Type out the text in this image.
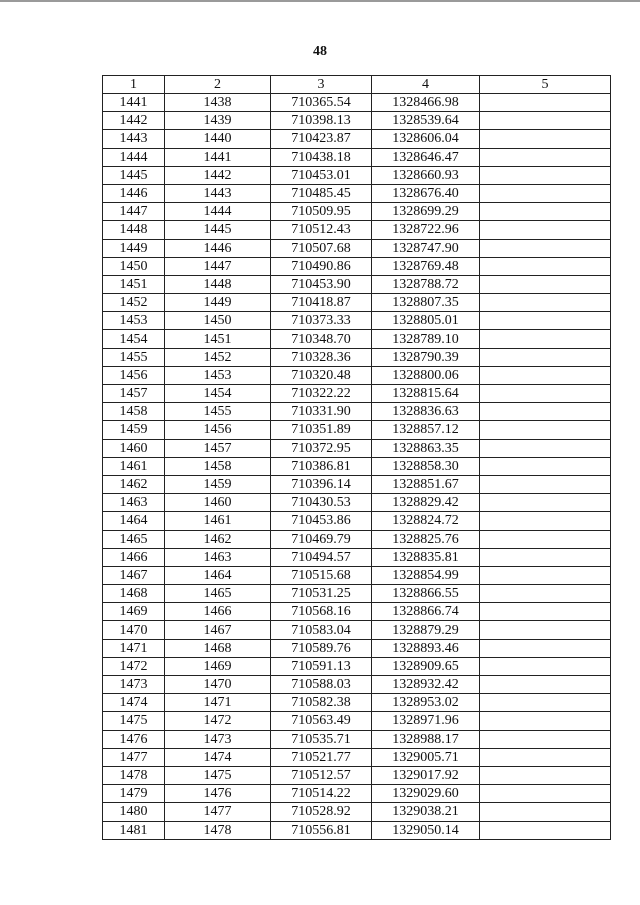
48
1	2	3	4	5
1441	1438	710365.54	1328466.98	
1442	1439	710398.13	1328539.64	
1443	1440	710423.87	1328606.04	
1444	1441	710438.18	1328646.47	
1445	1442	710453.01	1328660.93	
1446	1443	710485.45	1328676.40	
1447	1444	710509.95	1328699.29	
1448	1445	710512.43	1328722.96	
1449	1446	710507.68	1328747.90	
1450	1447	710490.86	1328769.48	
1451	1448	710453.90	1328788.72	
1452	1449	710418.87	1328807.35	
1453	1450	710373.33	1328805.01	
1454	1451	710348.70	1328789.10	
1455	1452	710328.36	1328790.39	
1456	1453	710320.48	1328800.06	
1457	1454	710322.22	1328815.64	
1458	1455	710331.90	1328836.63	
1459	1456	710351.89	1328857.12	
1460	1457	710372.95	1328863.35	
1461	1458	710386.81	1328858.30	
1462	1459	710396.14	1328851.67	
1463	1460	710430.53	1328829.42	
1464	1461	710453.86	1328824.72	
1465	1462	710469.79	1328825.76	
1466	1463	710494.57	1328835.81	
1467	1464	710515.68	1328854.99	
1468	1465	710531.25	1328866.55	
1469	1466	710568.16	1328866.74	
1470	1467	710583.04	1328879.29	
1471	1468	710589.76	1328893.46	
1472	1469	710591.13	1328909.65	
1473	1470	710588.03	1328932.42	
1474	1471	710582.38	1328953.02	
1475	1472	710563.49	1328971.96	
1476	1473	710535.71	1328988.17	
1477	1474	710521.77	1329005.71	
1478	1475	710512.57	1329017.92	
1479	1476	710514.22	1329029.60	
1480	1477	710528.92	1329038.21	
1481	1478	710556.81	1329050.14	
